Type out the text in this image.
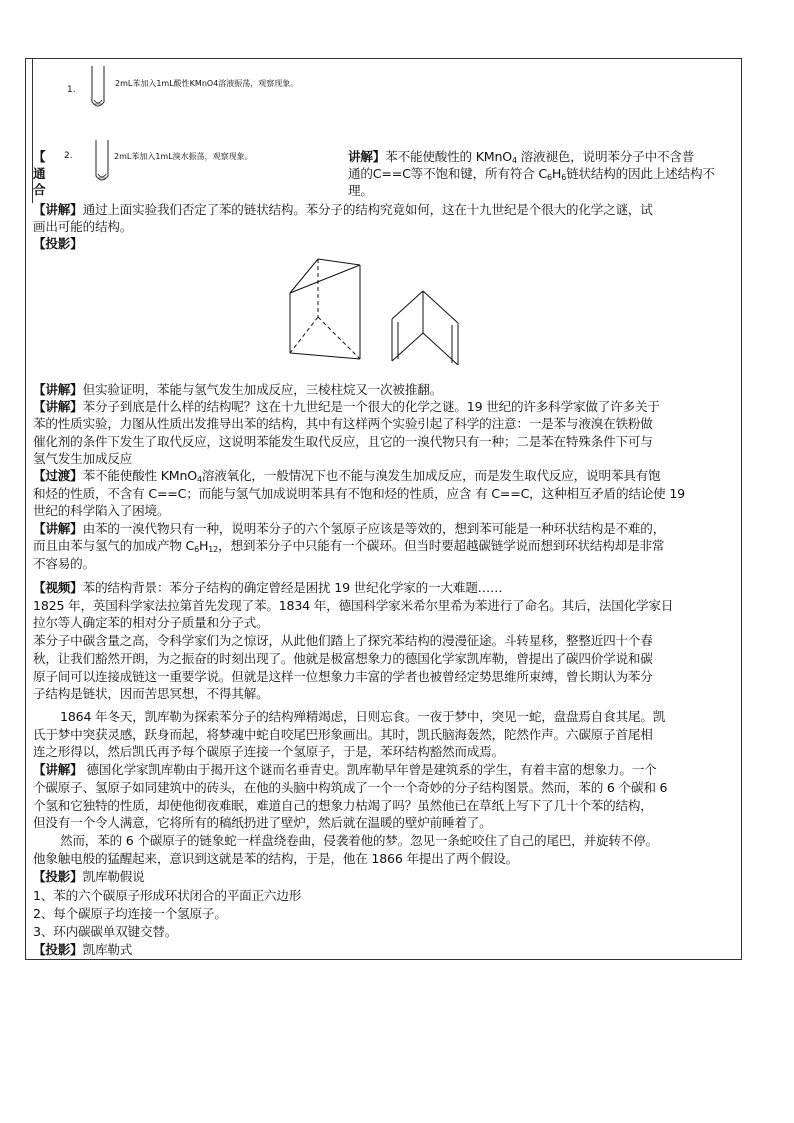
1.
2mL苯加入1mL酸性KMnO4溶液振荡，观察现象。
【 2.	2mL苯加入1mL溴水振荡，观察现象。
通
合
讲解】苯不能使酸性的 KMnO$_4$ 溶液褪色，说明苯分子中不含普
通的C==C等不饱和键，所有符合 $C_6H_6$链状结构的因此上述结构不
理。
【讲解】通过上面实验我们否定了苯的链状结构。苯分子的结构究竟如何，这在十九世纪是个很大的化学之谜，试
画出可能的结构。
【投影】
【讲解】但实验证明，苯能与氢气发生加成反应，三棱柱烷又一次被推翻。
【讲解】苯分子到底是什么样的结构呢？这在十九世纪是一个很大的化学之谜。19 世纪的许多科学家做了许多关于
苯的性质实验，力图从性质出发推导出苯的结构，其中有这样两个实验引起了科学的注意：一是苯与液溴在铁粉做
催化剂的条件下发生了取代反应，这说明苯能发生取代反应，且它的一溴代物只有一种；二是苯在特殊条件下可与
氢气发生加成反应
【过渡】苯不能使酸性 KMnO$_4$溶液氧化，一般情况下也不能与溴发生加成反应，而是发生取代反应，说明苯具有饱
和烃的性质，不含有 C==C；而能与氢气加成说明苯具有不饱和烃的性质，应含 有 C==C，这种相互矛盾的结论使 19
世纪的科学陷入了困境。
【讲解】由苯的一溴代物只有一种，说明苯分子的六个氢原子应该是等效的，想到苯可能是一种环状结构是不难的，
而且由苯与氢气的加成产物 $C_6H_{12}$，想到苯分子中只能有一个碳环。但当时要超越碳链学说而想到环状结构却是非常
不容易的。
【视频】苯的结构背景：苯分子结构的确定曾经是困扰 19 世纪化学家的一大难题……
1825 年，英国科学家法拉第首先发现了苯。1834 年，德国科学家米希尔里希为苯进行了命名。其后，法国化学家日
拉尔等人确定苯的相对分子质量和分子式。
苯分子中碳含量之高，令科学家们为之惊讶，从此他们踏上了探究苯结构的漫漫征途。斗转星移，整整近四十个春
秋，让我们豁然开朗，为之振奋的时刻出现了。他就是极富想象力的德国化学家凯库勒，曾提出了碳四价学说和碳
原子间可以连接成链这一重要学说。但就是这样一位想象力丰富的学者也被曾经定势思维所束缚，曾长期认为苯分
子结构是链状，因而苦思冥想，不得其解。
1864 年冬天，凯库勒为探索苯分子的结构殚精竭虑，日则忘食。一夜于梦中，突见一蛇，盘盘焉自食其尾。凯
氏于梦中突获灵感，跃身而起，将梦魂中蛇自咬尾巴形象画出。其时，凯氏脑海轰然，陀然作声。六碳原子首尾相
连之形得以，然后凯氏再予每个碳原子连接一个氢原子，于是，苯环结构豁然而成焉。
【讲解】 德国化学家凯库勒由于揭开这个谜而名垂青史。凯库勒早年曾是建筑系的学生，有着丰富的想象力。一个
个碳原子、氢原子如同建筑中的砖头，在他的头脑中构筑成了一个一个奇妙的分子结构图景。然而，苯的 6 个碳和 6
个氢和它独特的性质，却使他彻夜难眠，难道自己的想象力枯竭了吗？虽然他已在草纸上写下了几十个苯的结构，
但没有一个令人满意，它将所有的稿纸扔进了壁炉，然后就在温暖的壁炉前睡着了。
然而，苯的 6 个碳原子的链象蛇一样盘绕卷曲，侵袭着他的梦。忽见一条蛇咬住了自己的尾巴，并旋转不停。
他象触电般的猛醒起来，意识到这就是苯的结构，于是，他在 1866 年提出了两个假设。
【投影】凯库勒假说
1、苯的六个碳原子形成环状闭合的平面正六边形
2、每个碳原子均连接一个氢原子。
3、环内碳碳单双键交替。
【投影】凯库勒式
